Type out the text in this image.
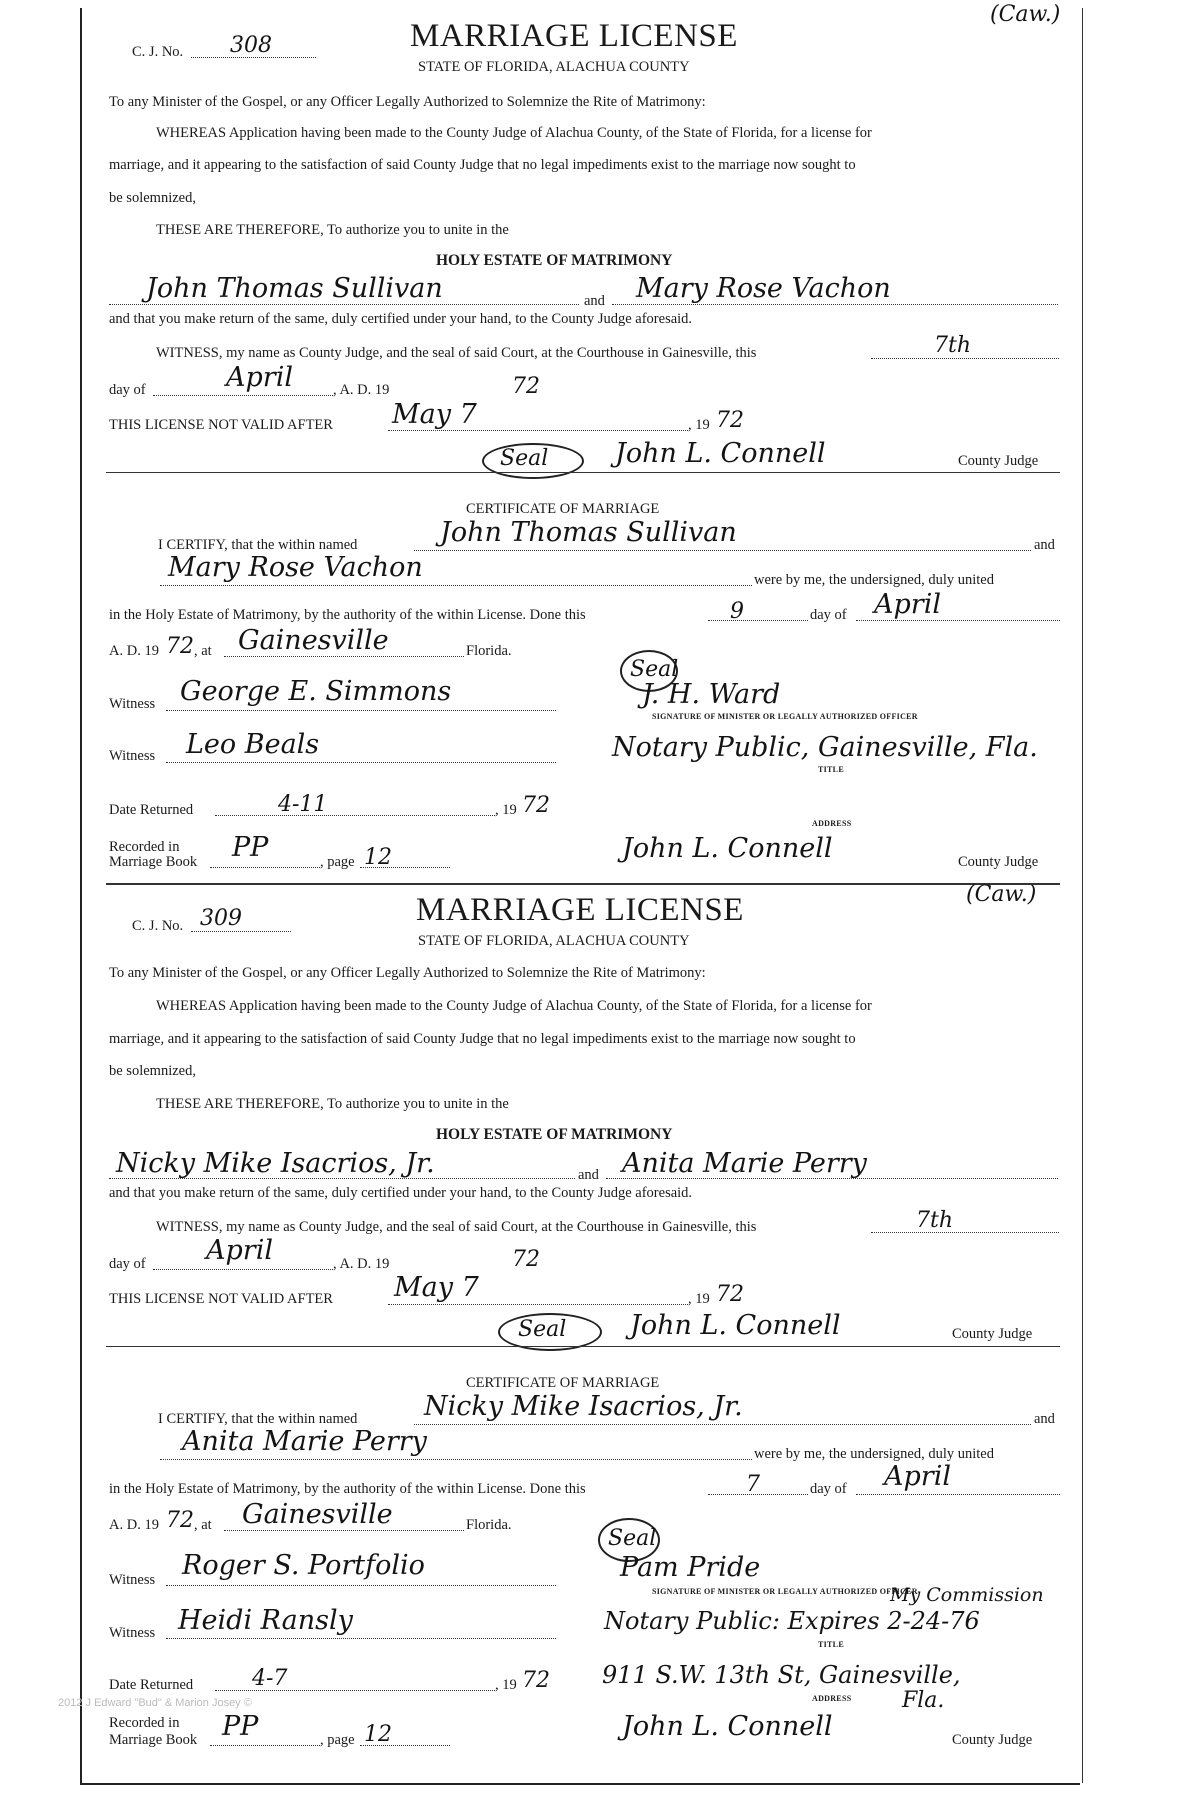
(Caw.)
C. J. No. 308	MARRIAGE LICENSE
STATE OF FLORIDA, ALACHUA COUNTY
To any Minister of the Gospel, or any Officer Legally Authorized to Solemnize the Rite of Matrimony:
WHEREAS Application having been made to the County Judge of Alachua County, of the State of Florida, for a license for
marriage, and it appearing to the satisfaction of said County Judge that no legal impediments exist to the marriage now sought to
be solemnized,
THESE ARE THEREFORE, To authorize you to unite in the
HOLY ESTATE OF MATRIMONY
John Thomas Sullivan	and Mary Rose Vachon
and that you make return of the same, duly certified under your hand, to the County Judge aforesaid.
WITNESS, my name as County Judge, and the seal of said Court, at the Courthouse in Gainesville, this	7th
day of	April	, A. D. 19	72
THIS LICENSE NOT VALID AFTER May 7	, 19 72
Seal John L. Connell	County Judge
CERTIFICATE OF MARRIAGE
I CERTIFY, that the within named	John Thomas Sullivan	and
Mary Rose Vachon	were by me, the undersigned, duly united
in the Holy Estate of Matrimony, by the authority of the within License. Done this	9	day of April
A. D. 19 72 , at Gainesville	Florida.
Seal
Witness George E. Simmons	J. H. Ward
SIGNATURE OF MINISTER OR LEGALLY AUTHORIZED OFFICER
Witness Leo Beals	Notary Public, Gainesville, Fla.
TITLE
Date Returned	4-11	, 19 72
ADDRESS
Recorded in
Marriage Book PP	, page 12	John L. Connell	County Judge
(Caw.)
C. J. No. 309	MARRIAGE LICENSE
STATE OF FLORIDA, ALACHUA COUNTY
To any Minister of the Gospel, or any Officer Legally Authorized to Solemnize the Rite of Matrimony:
WHEREAS Application having been made to the County Judge of Alachua County, of the State of Florida, for a license for
marriage, and it appearing to the satisfaction of said County Judge that no legal impediments exist to the marriage now sought to
be solemnized,
THESE ARE THEREFORE, To authorize you to unite in the
HOLY ESTATE OF MATRIMONY
Nicky Mike Isacrios, Jr.	and Anita Marie Perry
and that you make return of the same, duly certified under your hand, to the County Judge aforesaid.
WITNESS, my name as County Judge, and the seal of said Court, at the Courthouse in Gainesville, this	7th
day of April	, A. D. 19	72
THIS LICENSE NOT VALID AFTER May 7	, 19 72
Seal John L. Connell	County Judge
CERTIFICATE OF MARRIAGE
I CERTIFY, that the within named Nicky Mike Isacrios, Jr.	and
Anita Marie Perry	were by me, the undersigned, duly united
in the Holy Estate of Matrimony, by the authority of the within License. Done this	7	day of April
A. D. 19 72 , at Gainesville	Florida.
Seal
Witness Roger S. Portfolio	Pam Pride
SIGNATURE OF MINISTER OR LEGALLY AUTHORIZED OFFICER
My Commission
Witness Heidi Ransly	Notary Public: Expires 2-24-76
TITLE
Date Returned	4-7	, 19 72 911 S.W. 13th St, Gainesville,
ADDRESS Fla.
Recorded in
Marriage Book PP	, page 12	John L. Connell	County Judge
2012 J Edward "Bud" & Marion Josey ©
